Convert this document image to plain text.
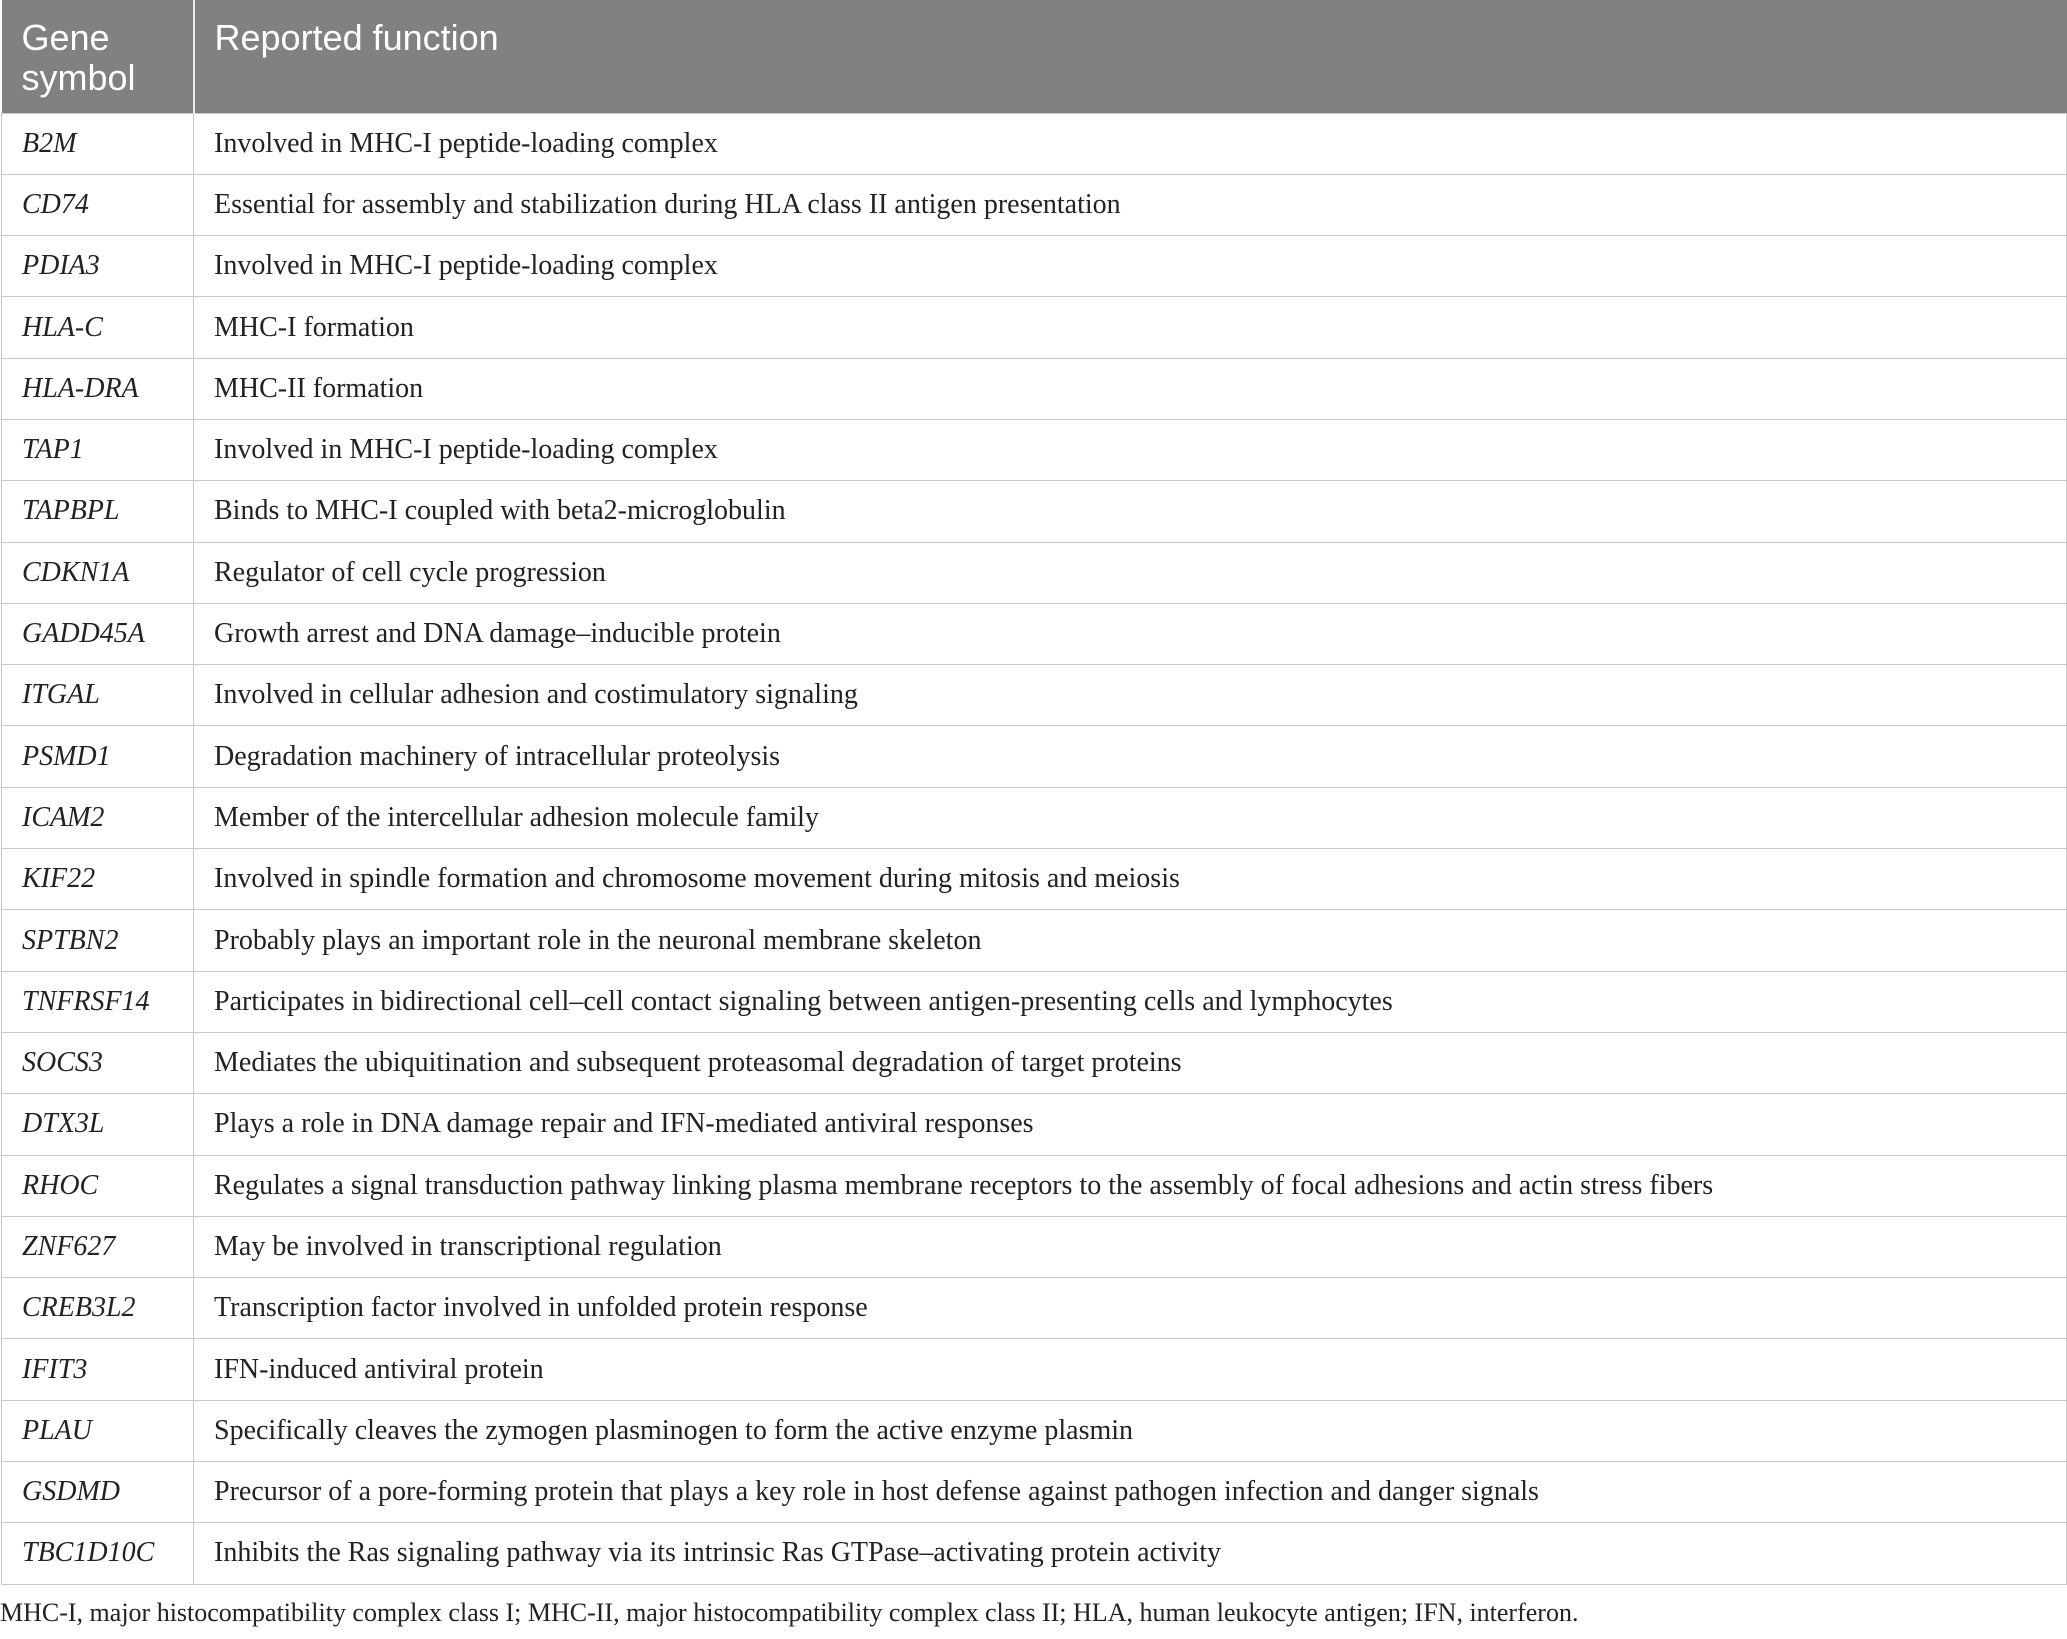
Gene symbol	Reported function
B2M	Involved in MHC-I peptide-loading complex
CD74	Essential for assembly and stabilization during HLA class II antigen presentation
PDIA3	Involved in MHC-I peptide-loading complex
HLA-C	MHC-I formation
HLA-DRA	MHC-II formation
TAP1	Involved in MHC-I peptide-loading complex
TAPBPL	Binds to MHC-I coupled with beta2-microglobulin
CDKN1A	Regulator of cell cycle progression
GADD45A	Growth arrest and DNA damage–inducible protein
ITGAL	Involved in cellular adhesion and costimulatory signaling
PSMD1	Degradation machinery of intracellular proteolysis
ICAM2	Member of the intercellular adhesion molecule family
KIF22	Involved in spindle formation and chromosome movement during mitosis and meiosis
SPTBN2	Probably plays an important role in the neuronal membrane skeleton
TNFRSF14	Participates in bidirectional cell–cell contact signaling between antigen-presenting cells and lymphocytes
SOCS3	Mediates the ubiquitination and subsequent proteasomal degradation of target proteins
DTX3L	Plays a role in DNA damage repair and IFN-mediated antiviral responses
RHOC	Regulates a signal transduction pathway linking plasma membrane receptors to the assembly of focal adhesions and actin stress fibers
ZNF627	May be involved in transcriptional regulation
CREB3L2	Transcription factor involved in unfolded protein response
IFIT3	IFN-induced antiviral protein
PLAU	Specifically cleaves the zymogen plasminogen to form the active enzyme plasmin
GSDMD	Precursor of a pore-forming protein that plays a key role in host defense against pathogen infection and danger signals
TBC1D10C	Inhibits the Ras signaling pathway via its intrinsic Ras GTPase–activating protein activity
MHC-I, major histocompatibility complex class I; MHC-II, major histocompatibility complex class II; HLA, human leukocyte antigen; IFN, interferon.
